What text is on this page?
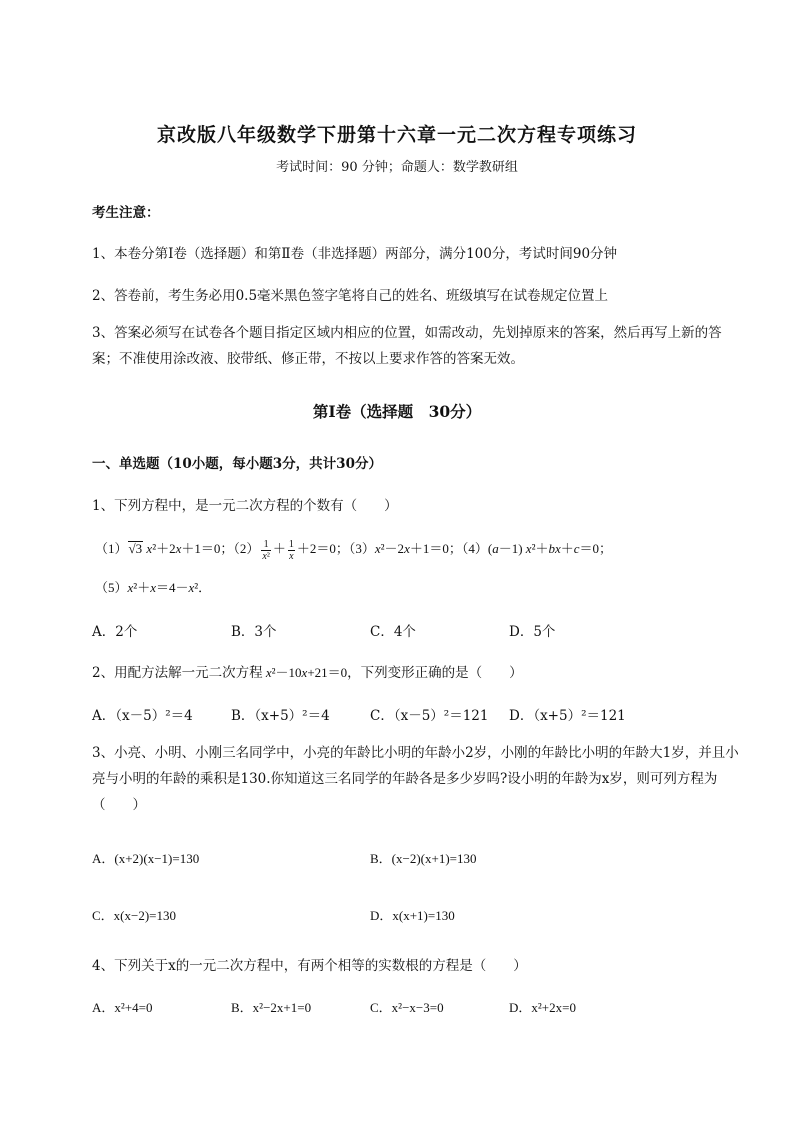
京改版八年级数学下册第十六章一元二次方程专项练习
考试时间：90 分钟；命题人：数学教研组
考生注意：
1、本卷分第Ⅰ卷（选择题）和第Ⅱ卷（非选择题）两部分，满分100分，考试时间90分钟
2、答卷前，考生务必用0.5毫米黑色签字笔将自己的姓名、班级填写在试卷规定位置上
3、答案必须写在试卷各个题目指定区域内相应的位置，如需改动，先划掉原来的答案，然后再写上新的答案；不准使用涂改液、胶带纸、修正带，不按以上要求作答的答案无效。
第Ⅰ卷（选择题　30分）
一、单选题（10小题，每小题3分，共计30分）
1、下列方程中，是一元二次方程的个数有（　　）
（1）√3 x²＋2x＋1＝0；$(2) \frac{1}{\text{x²}} + \frac{1}{x} +2=0$；（3）x²－2x＋1＝0；（4）(a－1) x²＋bx＋c＝0；
（5）x²＋x＝4－x²．
A．2个	B．3个	C．4个	D．5个
2、用配方法解一元二次方程 x²－10x+21＝0，下列变形正确的是（　　）
A．（x－5）²＝4	B．（x+5）²＝4	C．（x－5）²＝121 D．（x+5）²＝121
3、小亮、小明、小刚三名同学中，小亮的年龄比小明的年龄小2岁，小刚的年龄比小明的年龄大1岁，并且小亮与小明的年龄的乘积是130.你知道这三名同学的年龄各是多少岁吗?设小明的年龄为x岁，则可列方程为（　　）
A．(x+2)(x−1)=130	B．(x−2)(x+1)=130
C．x(x−2)=130	D．x(x+1)=130
4、下列关于x的一元二次方程中，有两个相等的实数根的方程是（　　）
A．x²+4=0	B．x²−2x+1=0	C．x²−x−3=0	D．x²+2x=0
